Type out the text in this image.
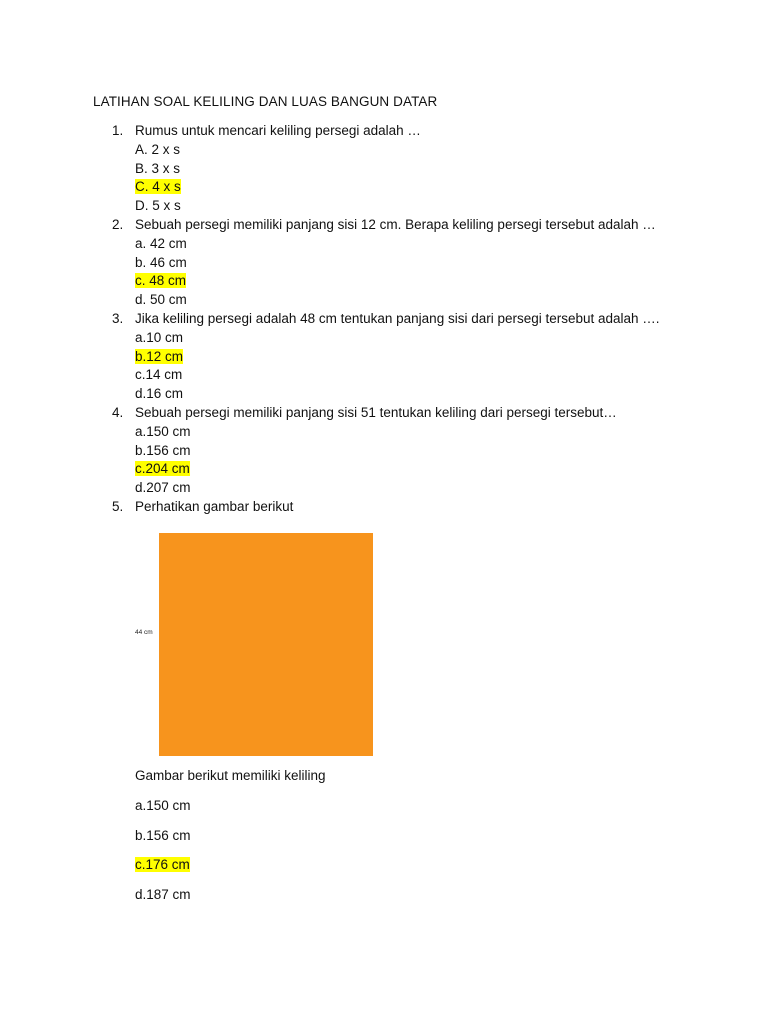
LATIHAN SOAL KELILING DAN LUAS BANGUN DATAR
1. Rumus untuk mencari keliling persegi adalah …
A. 2 x s
B. 3 x s
C. 4 x s
D. 5 x s
2. Sebuah persegi memiliki panjang sisi 12 cm. Berapa keliling persegi tersebut adalah …
a. 42 cm
b. 46 cm
c. 48 cm
d. 50 cm
3. Jika keliling persegi adalah 48 cm tentukan panjang sisi dari persegi tersebut adalah ….
a.10 cm
b.12 cm
c.14 cm
d.16 cm
4. Sebuah persegi memiliki panjang sisi 51 tentukan keliling dari persegi tersebut…
a.150 cm
b.156 cm
c.204 cm
d.207 cm
5. Perhatikan gambar berikut
44 cm
Gambar berikut memiliki keliling
a.150 cm
b.156 cm
c.176 cm
d.187 cm
